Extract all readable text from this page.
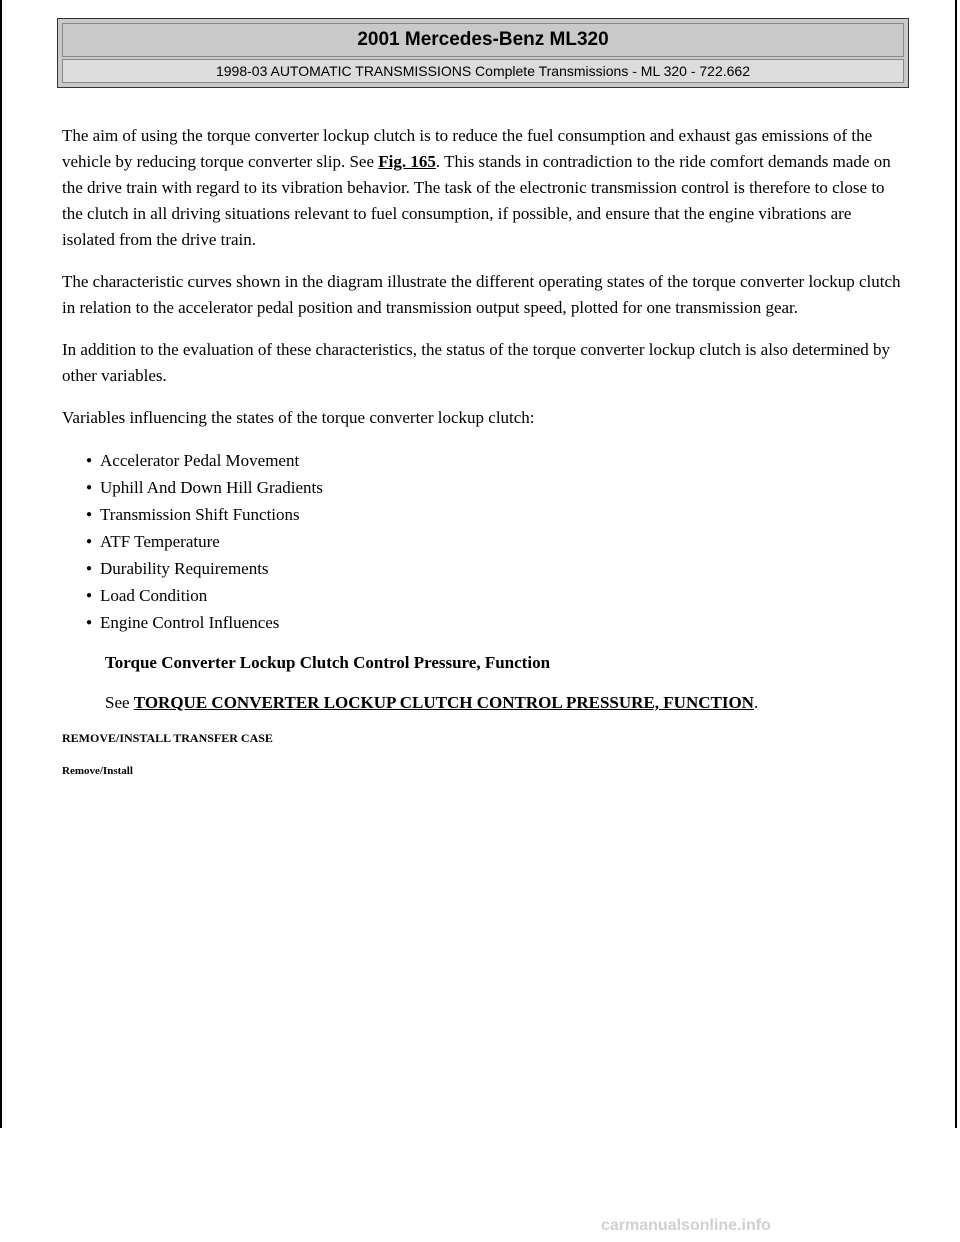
2001 Mercedes-Benz ML320
1998-03 AUTOMATIC TRANSMISSIONS Complete Transmissions - ML 320 - 722.662

The aim of using the torque converter lockup clutch is to reduce the fuel consumption and exhaust gas emissions of the vehicle by reducing torque converter slip. See Fig. 165. This stands in contradiction to the ride comfort demands made on the drive train with regard to its vibration behavior. The task of the electronic transmission control is therefore to close to the clutch in all driving situations relevant to fuel consumption, if possible, and ensure that the engine vibrations are isolated from the drive train.

The characteristic curves shown in the diagram illustrate the different operating states of the torque converter lockup clutch in relation to the accelerator pedal position and transmission output speed, plotted for one transmission gear.

In addition to the evaluation of these characteristics, the status of the torque converter lockup clutch is also determined by other variables.

Variables influencing the states of the torque converter lockup clutch:

● Accelerator Pedal Movement
● Uphill And Down Hill Gradients
● Transmission Shift Functions
● ATF Temperature
● Durability Requirements
● Load Condition
● Engine Control Influences

Torque Converter Lockup Clutch Control Pressure, Function

See TORQUE CONVERTER LOCKUP CLUTCH CONTROL PRESSURE, FUNCTION.

REMOVE/INSTALL TRANSFER CASE

Remove/Install

carmanualsonline.info
